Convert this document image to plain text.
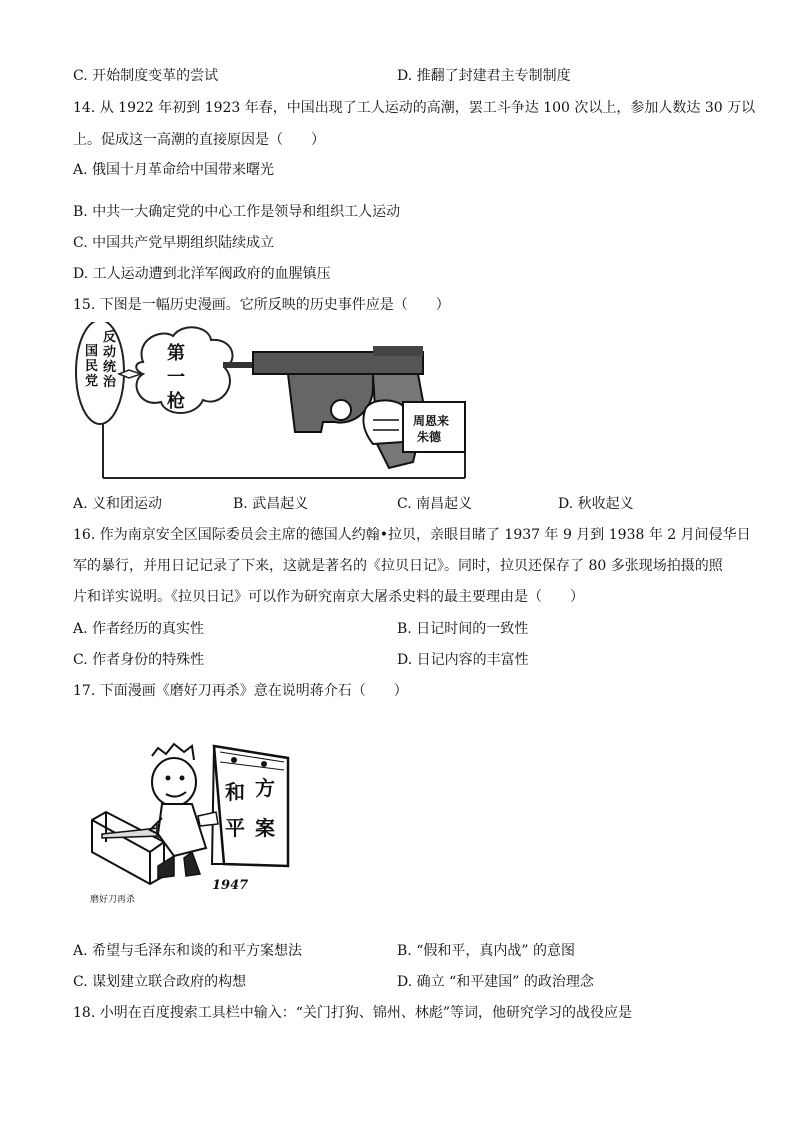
C. 开始制度变革的尝试	D. 推翻了封建君主专制制度
14. 从 1922 年初到 1923 年春，中国出现了工人运动的高潮，罢工斗争达 100 次以上，参加人数达 30 万以
上。促成这一高潮的直接原因是（　　）
A. 俄国十月革命给中国带来曙光
B. 中共一大确定党的中心工作是领导和组织工人运动
C. 中国共产党早期组织陆续成立
D. 工人运动遭到北洋军阀政府的血腥镇压
15. 下图是一幅历史漫画。它所反映的历史事件应是（　　）
国民党
反动统治
第一枪
周恩来
朱德
A. 义和团运动	B. 武昌起义	C. 南昌起义	D. 秋收起义
16. 作为南京安全区国际委员会主席的德国人约翰•拉贝，亲眼目睹了 1937 年 9 月到 1938 年 2 月间侵华日
军的暴行，并用日记记录了下来，这就是著名的《拉贝日记》。同时，拉贝还保存了 80 多张现场拍摄的照
片和详实说明。《拉贝日记》可以作为研究南京大屠杀史料的最主要理由是（　　）
A. 作者经历的真实性	B. 日记时间的一致性
C. 作者身份的特殊性	D. 日记内容的丰富性
17. 下面漫画《磨好刀再杀》意在说明蒋介石（　　）
和 方
平 案
1947
磨好刀再杀
A. 希望与毛泽东和谈的和平方案想法	B. “假和平，真内战” 的意图
C. 谋划建立联合政府的构想	D. 确立 “和平建国” 的政治理念
18. 小明在百度搜索工具栏中输入：“关门打狗、锦州、林彪”等词，他研究学习的战役应是
